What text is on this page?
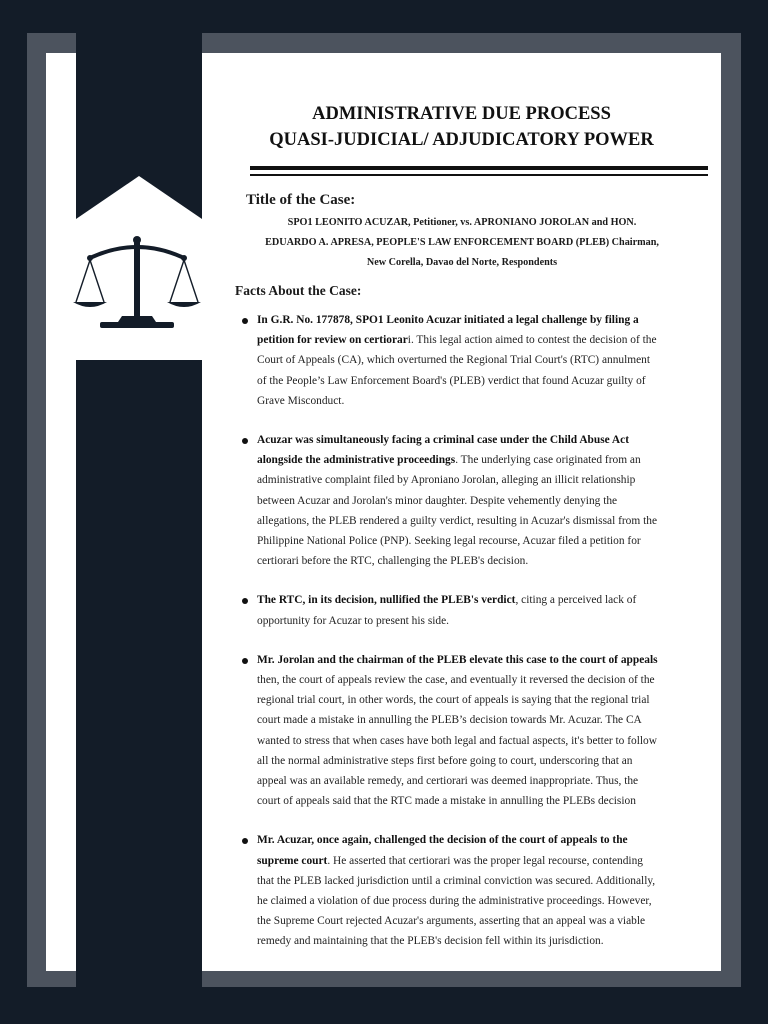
ADMINISTRATIVE DUE PROCESS
QUASI-JUDICIAL/ ADJUDICATORY POWER
Title of the Case:
SPO1 LEONITO ACUZAR, Petitioner, vs. APRONIANO JOROLAN and HON.
EDUARDO A. APRESA, PEOPLE'S LAW ENFORCEMENT BOARD (PLEB) Chairman,
New Corella, Davao del Norte, Respondents
Facts About the Case:
In G.R. No. 177878, SPO1 Leonito Acuzar initiated a legal challenge by filing a
petition for review on certiorari. This legal action aimed to contest the decision of the
Court of Appeals (CA), which overturned the Regional Trial Court's (RTC) annulment
of the People’s Law Enforcement Board's (PLEB) verdict that found Acuzar guilty of
Grave Misconduct.
Acuzar was simultaneously facing a criminal case under the Child Abuse Act
alongside the administrative proceedings. The underlying case originated from an
administrative complaint filed by Aproniano Jorolan, alleging an illicit relationship
between Acuzar and Jorolan's minor daughter. Despite vehemently denying the
allegations, the PLEB rendered a guilty verdict, resulting in Acuzar's dismissal from the
Philippine National Police (PNP). Seeking legal recourse, Acuzar filed a petition for
certiorari before the RTC, challenging the PLEB's decision.
The RTC, in its decision, nullified the PLEB's verdict, citing a perceived lack of
opportunity for Acuzar to present his side.
Mr. Jorolan and the chairman of the PLEB elevate this case to the court of appeals
then, the court of appeals review the case, and eventually it reversed the decision of the
regional trial court, in other words, the court of appeals is saying that the regional trial
court made a mistake in annulling the PLEB’s decision towards Mr. Acuzar. The CA
wanted to stress that when cases have both legal and factual aspects, it's better to follow
all the normal administrative steps first before going to court, underscoring that an
appeal was an available remedy, and certiorari was deemed inappropriate. Thus, the
court of appeals said that the RTC made a mistake in annulling the PLEBs decision
Mr. Acuzar, once again, challenged the decision of the court of appeals to the
supreme court. He asserted that certiorari was the proper legal recourse, contending
that the PLEB lacked jurisdiction until a criminal conviction was secured. Additionally,
he claimed a violation of due process during the administrative proceedings. However,
the Supreme Court rejected Acuzar's arguments, asserting that an appeal was a viable
remedy and maintaining that the PLEB's decision fell within its jurisdiction.
